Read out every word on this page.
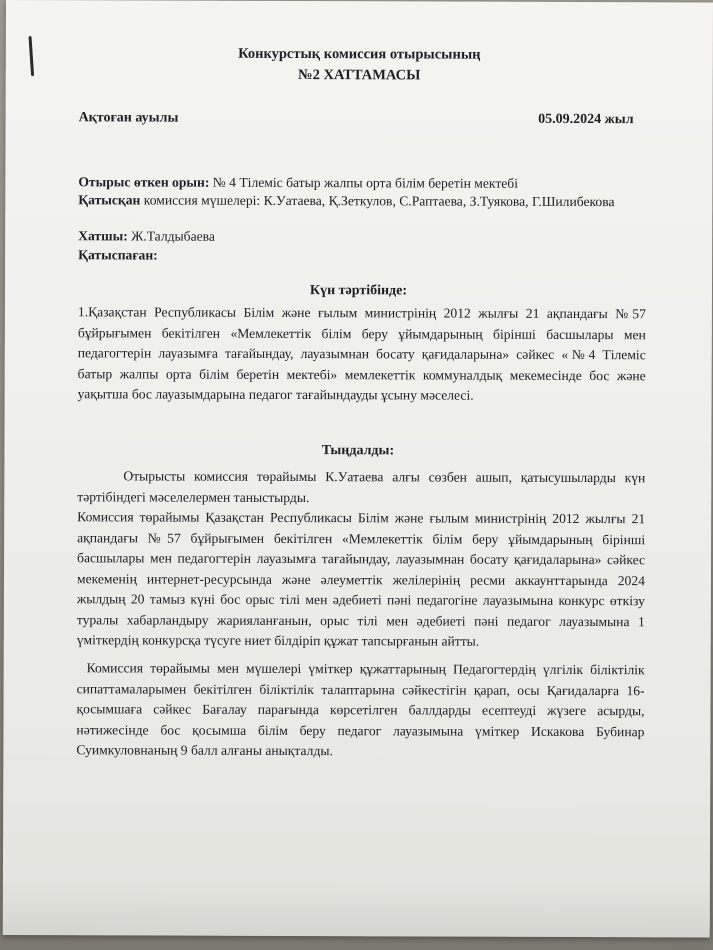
Конкурстық комиссия отырысының
№2 ХАТТАМАСЫ
Ақтоған ауылы	05.09.2024 жыл

Отырыс өткен орын: № 4 Тілеміс батыр жалпы орта білім беретін мектебі

Қатысқан комиссия мүшелері: К.Уатаева, Қ.Зеткулов, С.Раптаева, З.Туякова, Г.Шилибекова

Хатшы: Ж.Талдыбаева

Қатыспаған:

Күн тәртібінде:

1.Қазақстан Республикасы Білім және ғылым министрінің 2012 жылғы 21 ақпандағы №57 бұйрығымен бекітілген «Мемлекеттік білім беру ұйымдарының бірінші басшылары мен педагогтерін лауазымға тағайындау, лауазымнан босату қағидаларына» сәйкес «№4 Тілеміс батыр жалпы орта білім беретін мектебі» мемлекеттік коммуналдық мекемесінде бос және уақытша бос лауазымдарына педагог тағайындауды ұсыну мәселесі.

Тыңдалды:

Отырысты комиссия төрайымы К.Уатаева алғы сөзбен ашып, қатысушыларды күн тәртібіндегі мәселелермен таныстырды.

Комиссия төрайымы Қазақстан Республикасы Білім және ғылым министрінің 2012 жылғы 21 ақпандағы №57 бұйрығымен бекітілген «Мемлекеттік білім беру ұйымдарының бірінші басшылары мен педагогтерін лауазымға тағайындау, лауазымнан босату қағидаларына» сәйкес мекеменің интернет-ресурсында және әлеуметтік желілерінің ресми аккаунттарында 2024 жылдың 20 тамыз күні бос орыс тілі мен әдебиеті пәні педагогіне лауазымына конкурс өткізу туралы хабарландыру жарияланғанын, орыс тілі мен әдебиеті пәні педагог лауазымына 1 үміткердің конкурсқа түсуге ниет білдіріп құжат тапсырғанын айтты.

Комиссия төрайымы мен мүшелері үміткер құжаттарының Педагогтердің үлгілік біліктілік сипаттамаларымен бекітілген біліктілік талаптарына сәйкестігін қарап, осы Қағидаларға 16-қосымшаға сәйкес Бағалау парағында көрсетілген баллдарды есептеуді жүзеге асырды, нәтижесінде бос қосымша білім беру педагог лауазымына үміткер Искакова Бубинар Суимкуловнаның 9 балл алғаны анықталды.
